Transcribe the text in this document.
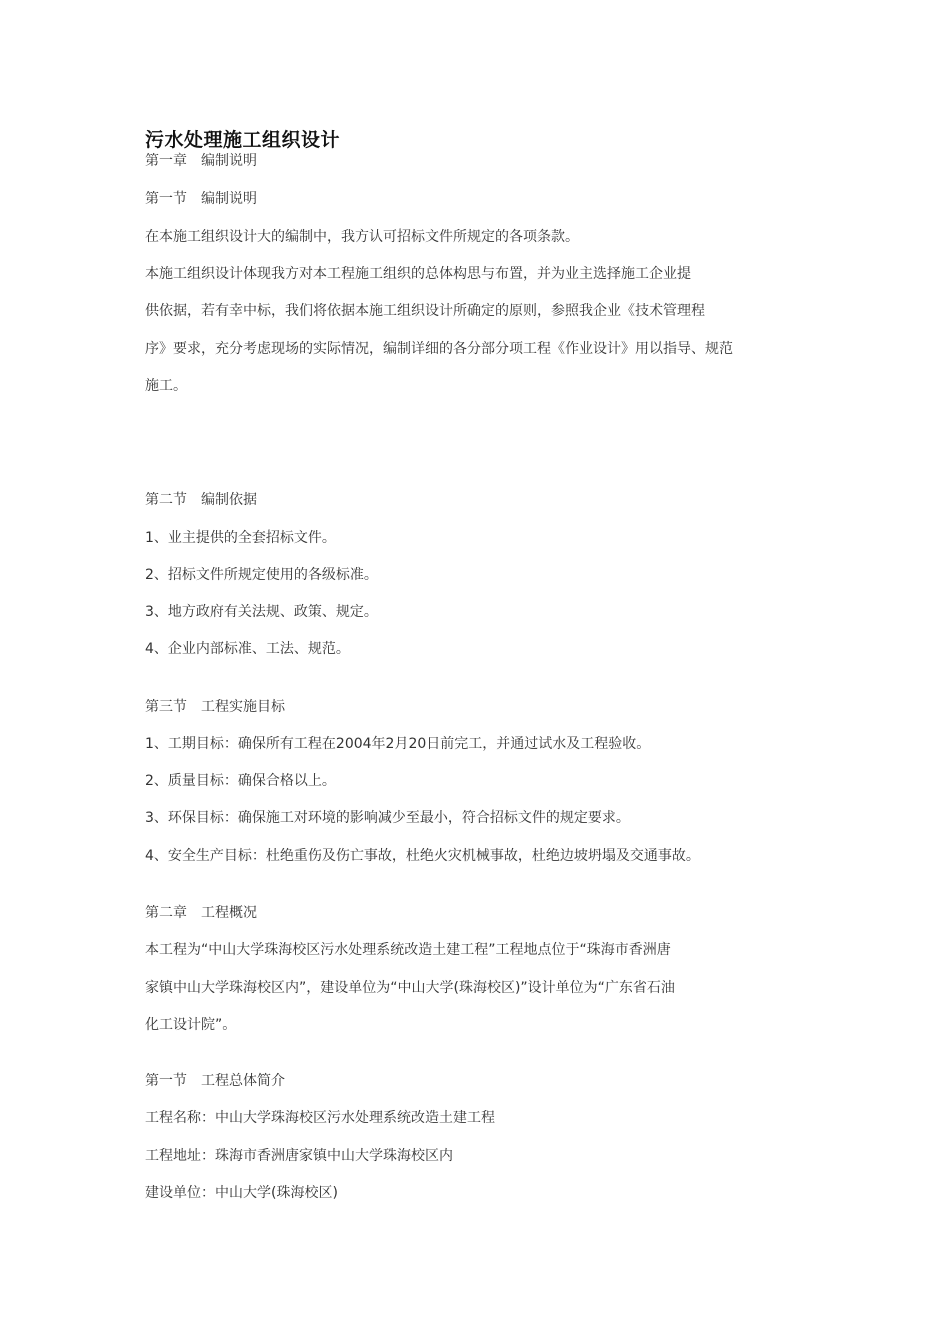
污水处理施工组织设计
第一章　编制说明
第一节　编制说明
在本施工组织设计大的编制中，我方认可招标文件所规定的各项条款。
本施工组织设计体现我方对本工程施工组织的总体构思与布置，并为业主选择施工企业提
供依据，若有幸中标，我们将依据本施工组织设计所确定的原则，参照我企业《技术管理程
序》要求，充分考虑现场的实际情况，编制详细的各分部分项工程《作业设计》用以指导、规范
施工。
第二节　编制依据
1、业主提供的全套招标文件。
2、招标文件所规定使用的各级标准。
3、地方政府有关法规、政策、规定。
4、企业内部标准、工法、规范。
第三节　工程实施目标
1、工期目标：确保所有工程在2004年2月20日前完工，并通过试水及工程验收。
2、质量目标：确保合格以上。
3、环保目标：确保施工对环境的影响减少至最小，符合招标文件的规定要求。
4、安全生产目标：杜绝重伤及伤亡事故，杜绝火灾机械事故，杜绝边坡坍塌及交通事故。
第二章　工程概况
本工程为“中山大学珠海校区污水处理系统改造土建工程”工程地点位于“珠海市香洲唐
家镇中山大学珠海校区内”，建设单位为“中山大学(珠海校区)”设计单位为“广东省石油
化工设计院”。
第一节　工程总体简介
工程名称：中山大学珠海校区污水处理系统改造土建工程
工程地址：珠海市香洲唐家镇中山大学珠海校区内
建设单位：中山大学(珠海校区)
